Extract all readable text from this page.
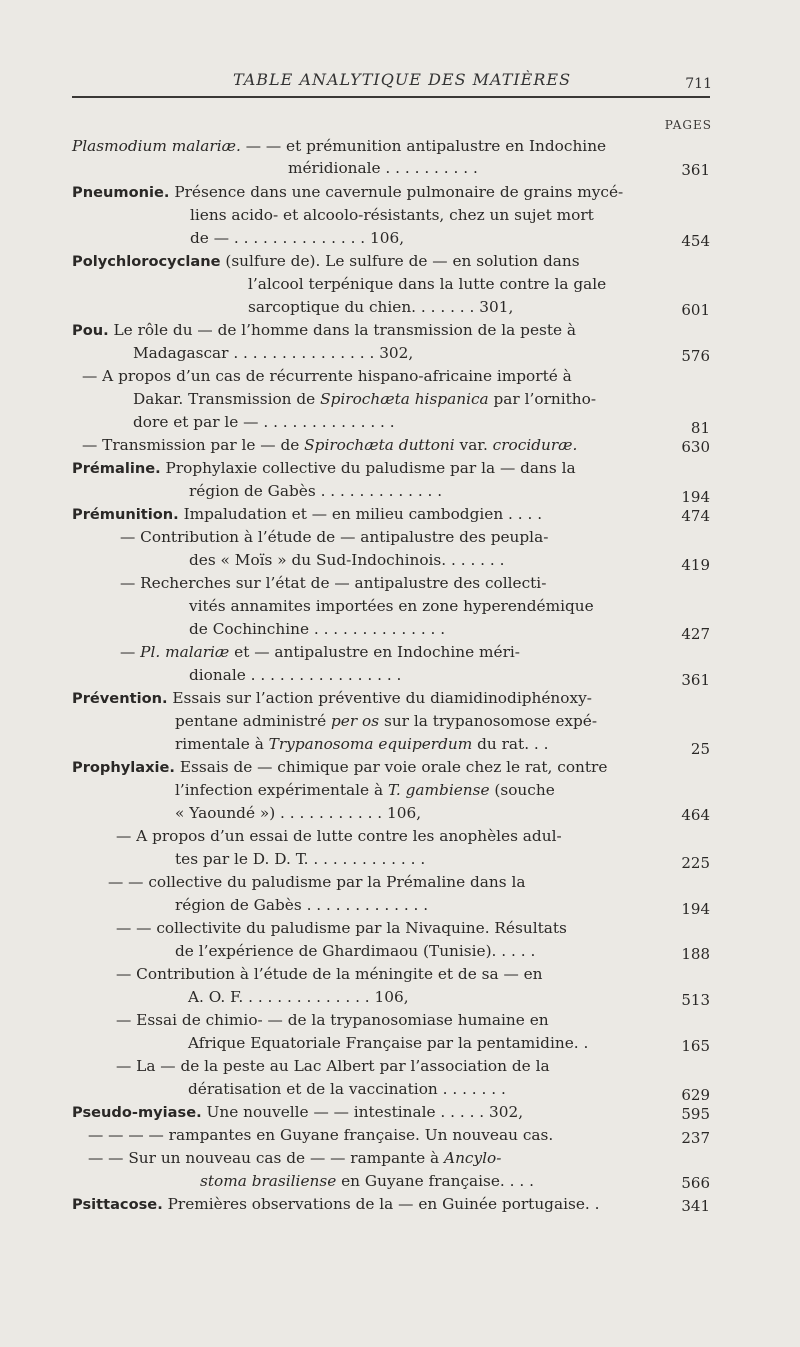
TABLE ANALYTIQUE DES MATIÈRES	711
PAGES
Plasmodium malariæ. — — et prémunition antipalustre en Indochine
méridionale . . . . . . . . . .	361
Pneumonie. Présence dans une cavernule pulmonaire de grains mycé-
liens acido- et alcoolo-résistants, chez un sujet mort
de — . . . . . . . . . . . . . . 106,	454
Polychlorocyclane (sulfure de). Le sulfure de — en solution dans
l’alcool terpénique dans la lutte contre la gale
sarcoptique du chien. . . . . . . 301,	601
Pou. Le rôle du — de l’homme dans la transmission de la peste à
Madagascar . . . . . . . . . . . . . . . 302,	576
— A propos d’un cas de récurrente hispano-africaine importé à
Dakar. Transmission de Spirochæta hispanica par l’ornitho-
dore et par le — . . . . . . . . . . . . . .	81
— Transmission par le — de Spirochæta duttoni var. crociduræ.	630
Prémaline. Prophylaxie collective du paludisme par la — dans la
région de Gabès . . . . . . . . . . . . .	194
Prémunition. Impaludation et — en milieu cambodgien . . . .	474
— Contribution à l’étude de — antipalustre des peupla-
des « Moïs » du Sud-Indochinois. . . . . . .	419
— Recherches sur l’état de — antipalustre des collecti-
vités annamites importées en zone hyperendémique
de Cochinchine . . . . . . . . . . . . . .	427
— Pl. malariæ et — antipalustre en Indochine méri-
dionale . . . . . . . . . . . . . . . .	361
Prévention. Essais sur l’action préventive du diamidinodiphénoxy-
pentane administré per os sur la trypanosomose expé-
rimentale à Trypanosoma equiperdum du rat. . .	25
Prophylaxie. Essais de — chimique par voie orale chez le rat, contre
l’infection expérimentale à T. gambiense (souche
« Yaoundé ») . . . . . . . . . . . 106,	464
— A propos d’un essai de lutte contre les anophèles adul-
tes par le D. D. T. . . . . . . . . . . . .	225
— — collective du paludisme par la Prémaline dans la
région de Gabès . . . . . . . . . . . . .	194
— — collectivite du paludisme par la Nivaquine. Résultats
de l’expérience de Ghardimaou (Tunisie). . . . .	188
— Contribution à l’étude de la méningite et de sa — en
A. O. F. . . . . . . . . . . . . . 106,	513
— Essai de chimio- — de la trypanosomiase humaine en
Afrique Equatoriale Française par la pentamidine. .	165
— La — de la peste au Lac Albert par l’association de la
dératisation et de la vaccination . . . . . . .	629
Pseudo-myiase. Une nouvelle — — intestinale . . . . . 302,	595
— — — — rampantes en Guyane française. Un nouveau cas.	237
— — Sur un nouveau cas de — — rampante à Ancylo-
stoma brasiliense en Guyane française. . . .	566
Psittacose. Premières observations de la — en Guinée portugaise. .	341
